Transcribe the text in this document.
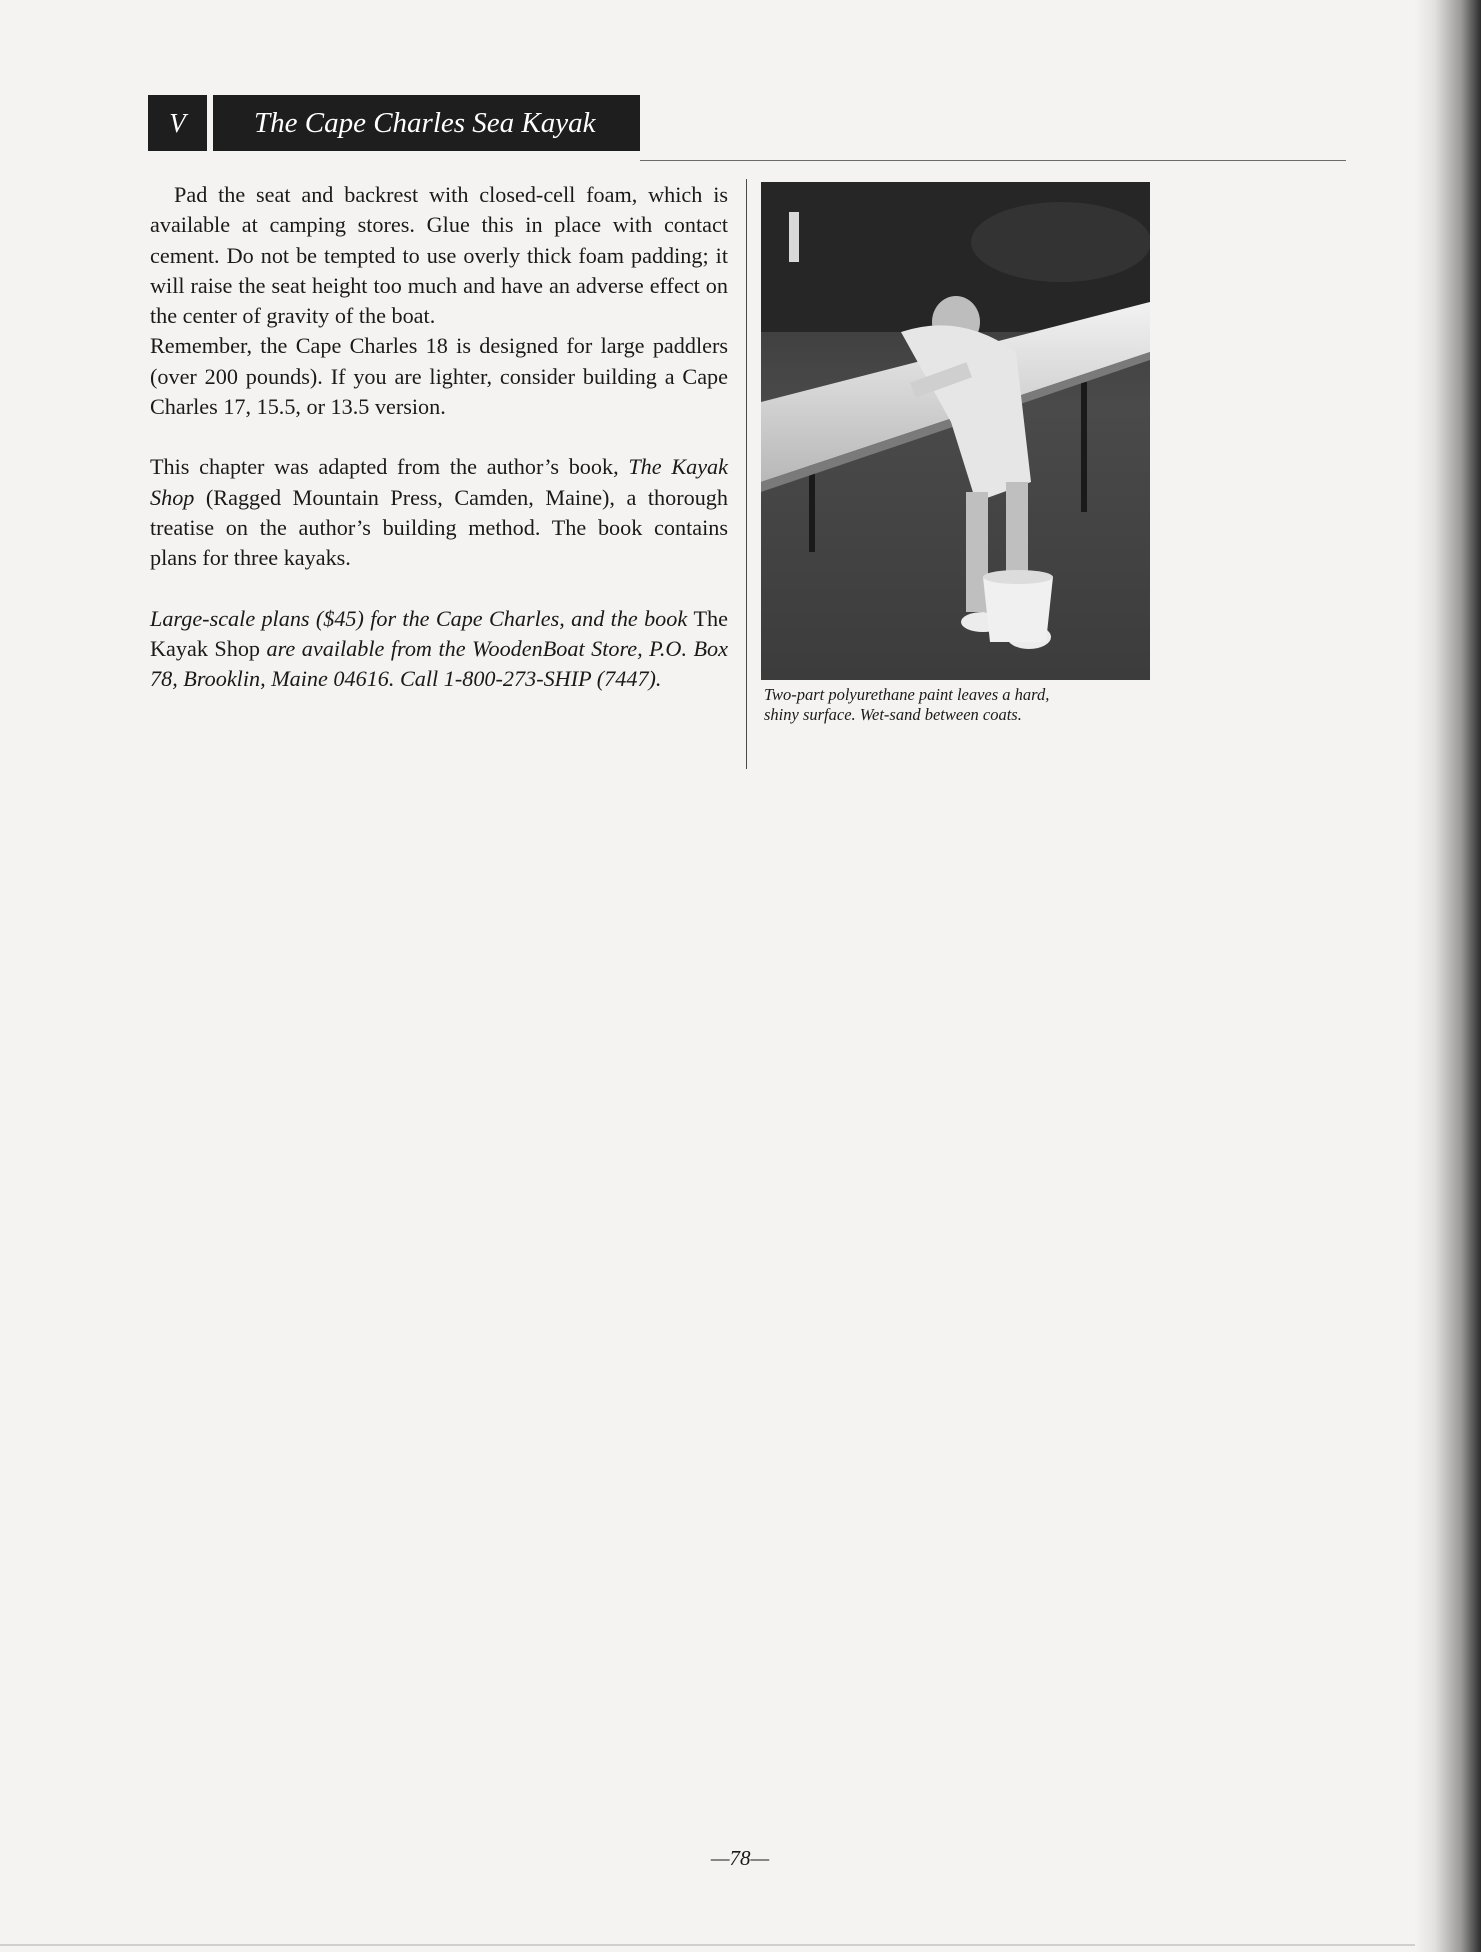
V	The Cape Charles Sea Kayak

Pad the seat and backrest with closed-cell foam, which is available at camping stores. Glue this in place with contact cement. Do not be tempted to use overly thick foam padding; it will raise the seat height too much and have an adverse effect on the center of gravity of the boat.

Remember, the Cape Charles 18 is designed for large paddlers (over 200 pounds). If you are lighter, consider building a Cape Charles 17, 15.5, or 13.5 version.

This chapter was adapted from the author’s book, The Kayak Shop (Ragged Mountain Press, Camden, Maine), a thorough treatise on the author’s building method. The book contains plans for three kayaks.

Large-scale plans ($45) for the Cape Charles, and the book The Kayak Shop are available from the WoodenBoat Store, P.O. Box 78, Brooklin, Maine 04616. Call 1-800-273-SHIP (7447).

Two-part polyurethane paint leaves a hard,
shiny surface. Wet-sand between coats.
—78—
